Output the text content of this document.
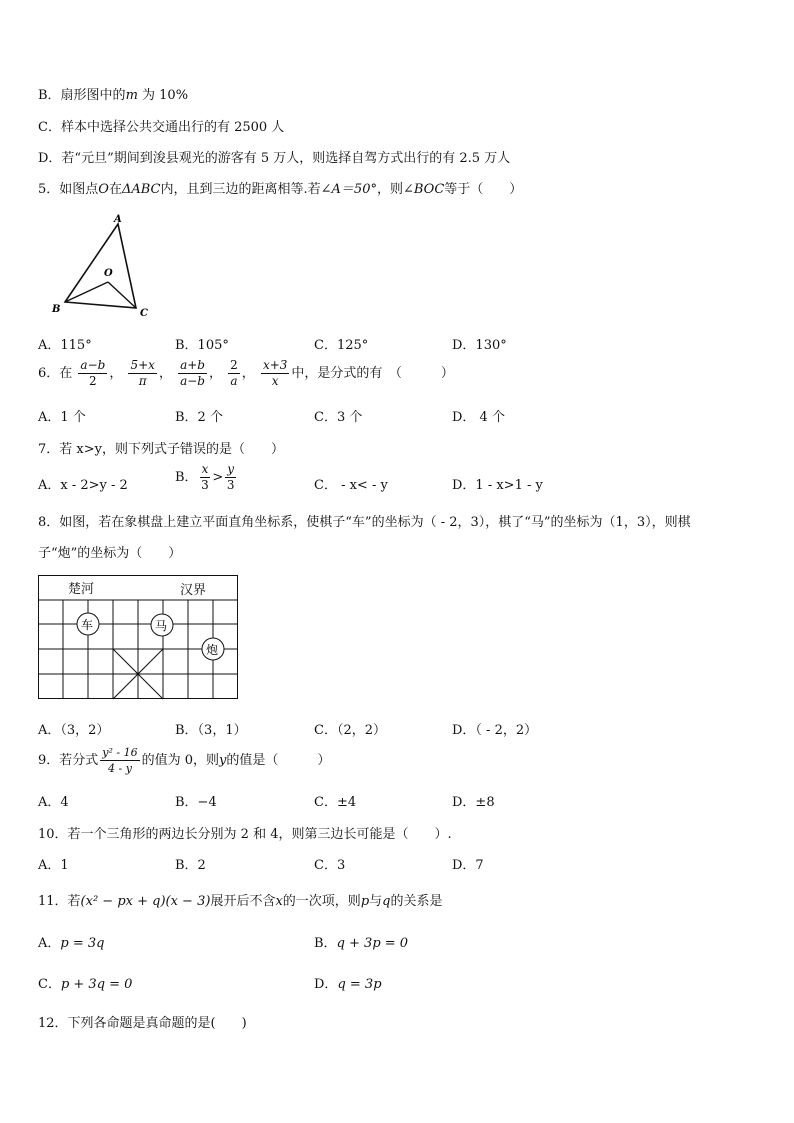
B．扇形图中的m 为 10%
C．样本中选择公共交通出行的有 2500 人
D．若“元旦”期间到浚县观光的游客有 5 万人，则选择自驾方式出行的有 2.5 万人
5．如图点O在ΔABC内，且到三边的距离相等.若∠A＝50°，则∠BOC等于（　　）
A
B	C
O
A．115°	B．105°	C．125°	D．130°
6．在 $\frac{a-b}{2}$ ， $\frac{5+x}{\pi}$ ， $\frac{a+b}{a-b}$ ， $\frac{2}{a}$ ， $\frac{x+3}{x}$ 中，是分式的有　（　　　）
A．1 个	B．2 个	C．3 个	D． 4 个
7．若 x>y，则下列式子错误的是（　　）
A．x - 2>y - 2
B． $\frac{x}{3} > \frac{y}{3}$	C． - x< - y	D．1 - x>1 - y
8．如图，若在象棋盘上建立平面直角坐标系，使棋子“车”的坐标为（ - 2，3），棋了“马”的坐标为（1，3），则棋
子“炮”的坐标为（　　）
车	马
炮
楚河	汉界
A．（3，2）	B．（3，1）	C．（2，2）	D．（ - 2，2）
9．若分式 $\frac{\text{y² - 16}}{4 - y}$ 的值为 0，则y的值是（　　　）
A．4	B．−4	C．±4	D．±8
10．若一个三角形的两边长分别为 2 和 4，则第三边长可能是（　　）.
A．1	B．2	C．3	D．7
11．若(x² − px + q)(x − 3)展开后不含x的一次项，则p与q的关系是
A．p = 3q	B．q + 3p = 0
C．p + 3q = 0	D．q = 3p
12．下列各命题是真命题的是(　　)
